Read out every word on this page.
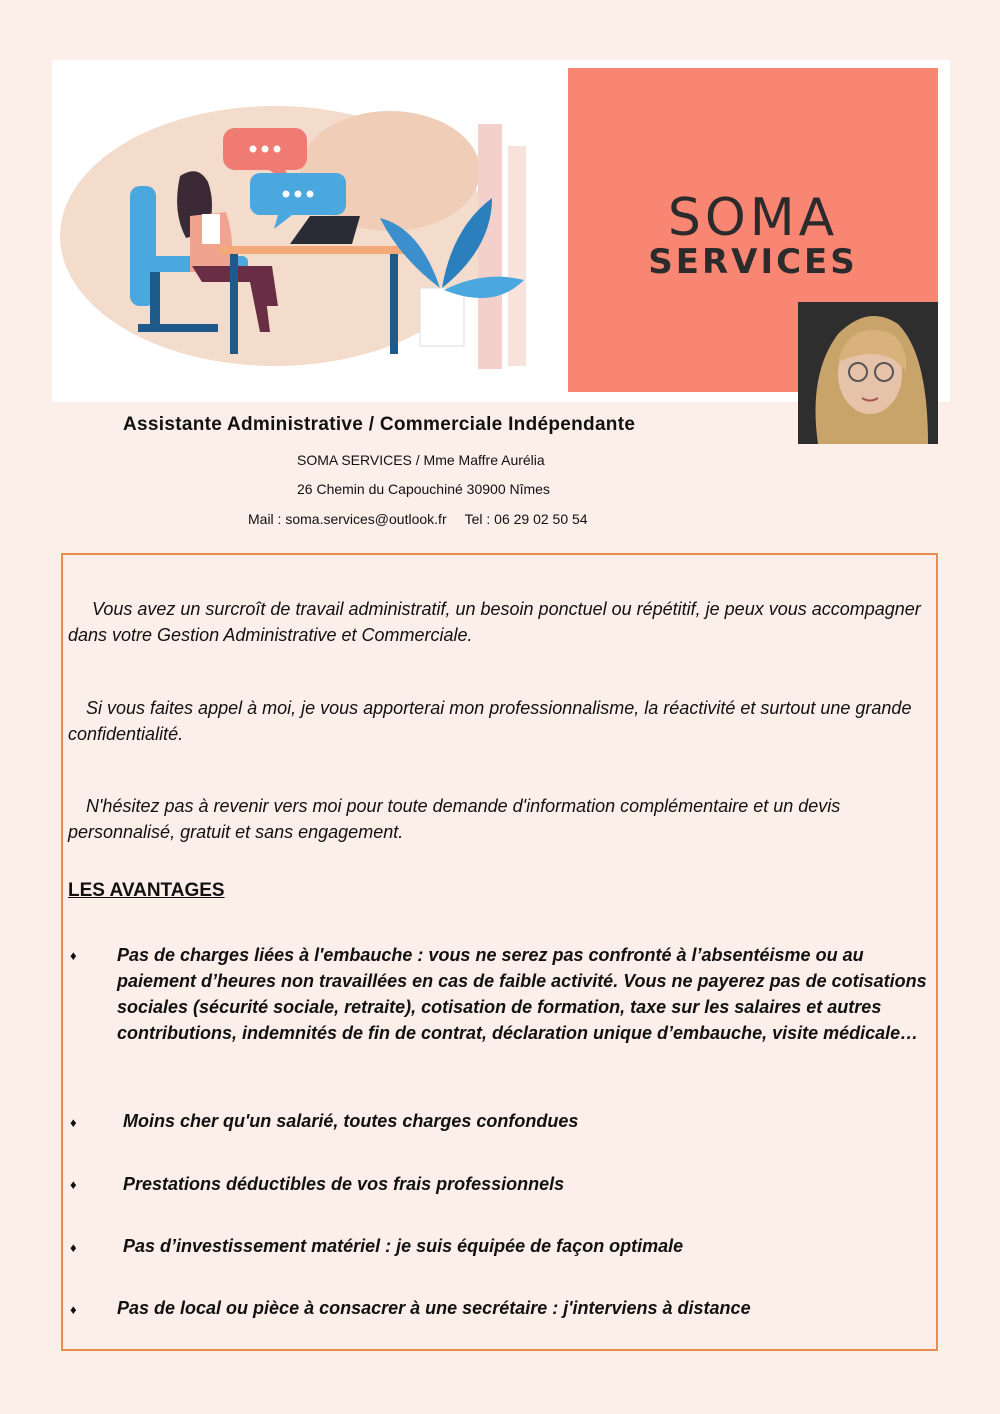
SOMA
SERVICES
Assistante Administrative / Commerciale Indépendante
SOMA SERVICES / Mme Maffre Aurélia
26 Chemin du Capouchiné 30900 Nîmes
Mail : soma.services@outlook.fr Tel : 06 29 02 50 54
Vous avez un surcroît de travail administratif, un besoin ponctuel ou répétitif, je peux vous accompagner dans votre Gestion Administrative et Commerciale.
Si vous faites appel à moi, je vous apporterai mon professionnalisme, la réactivité et surtout une grande confidentialité.
N'hésitez pas à revenir vers moi pour toute demande d'information complémentaire et un devis personnalisé, gratuit et sans engagement.
LES AVANTAGES
♦ Pas de charges liées à l'embauche : vous ne serez pas confronté à l’absentéisme ou au paiement d’heures non travaillées en cas de faible activité. Vous ne payerez pas de cotisations sociales (sécurité sociale, retraite), cotisation de formation, taxe sur les salaires et autres contributions, indemnités de fin de contrat, déclaration unique d’embauche, visite médicale…
♦	Moins cher qu'un salarié, toutes charges confondues
♦	Prestations déductibles de vos frais professionnels
♦	Pas d’investissement matériel : je suis équipée de façon optimale
♦ Pas de local ou pièce à consacrer à une secrétaire : j'interviens à distance
